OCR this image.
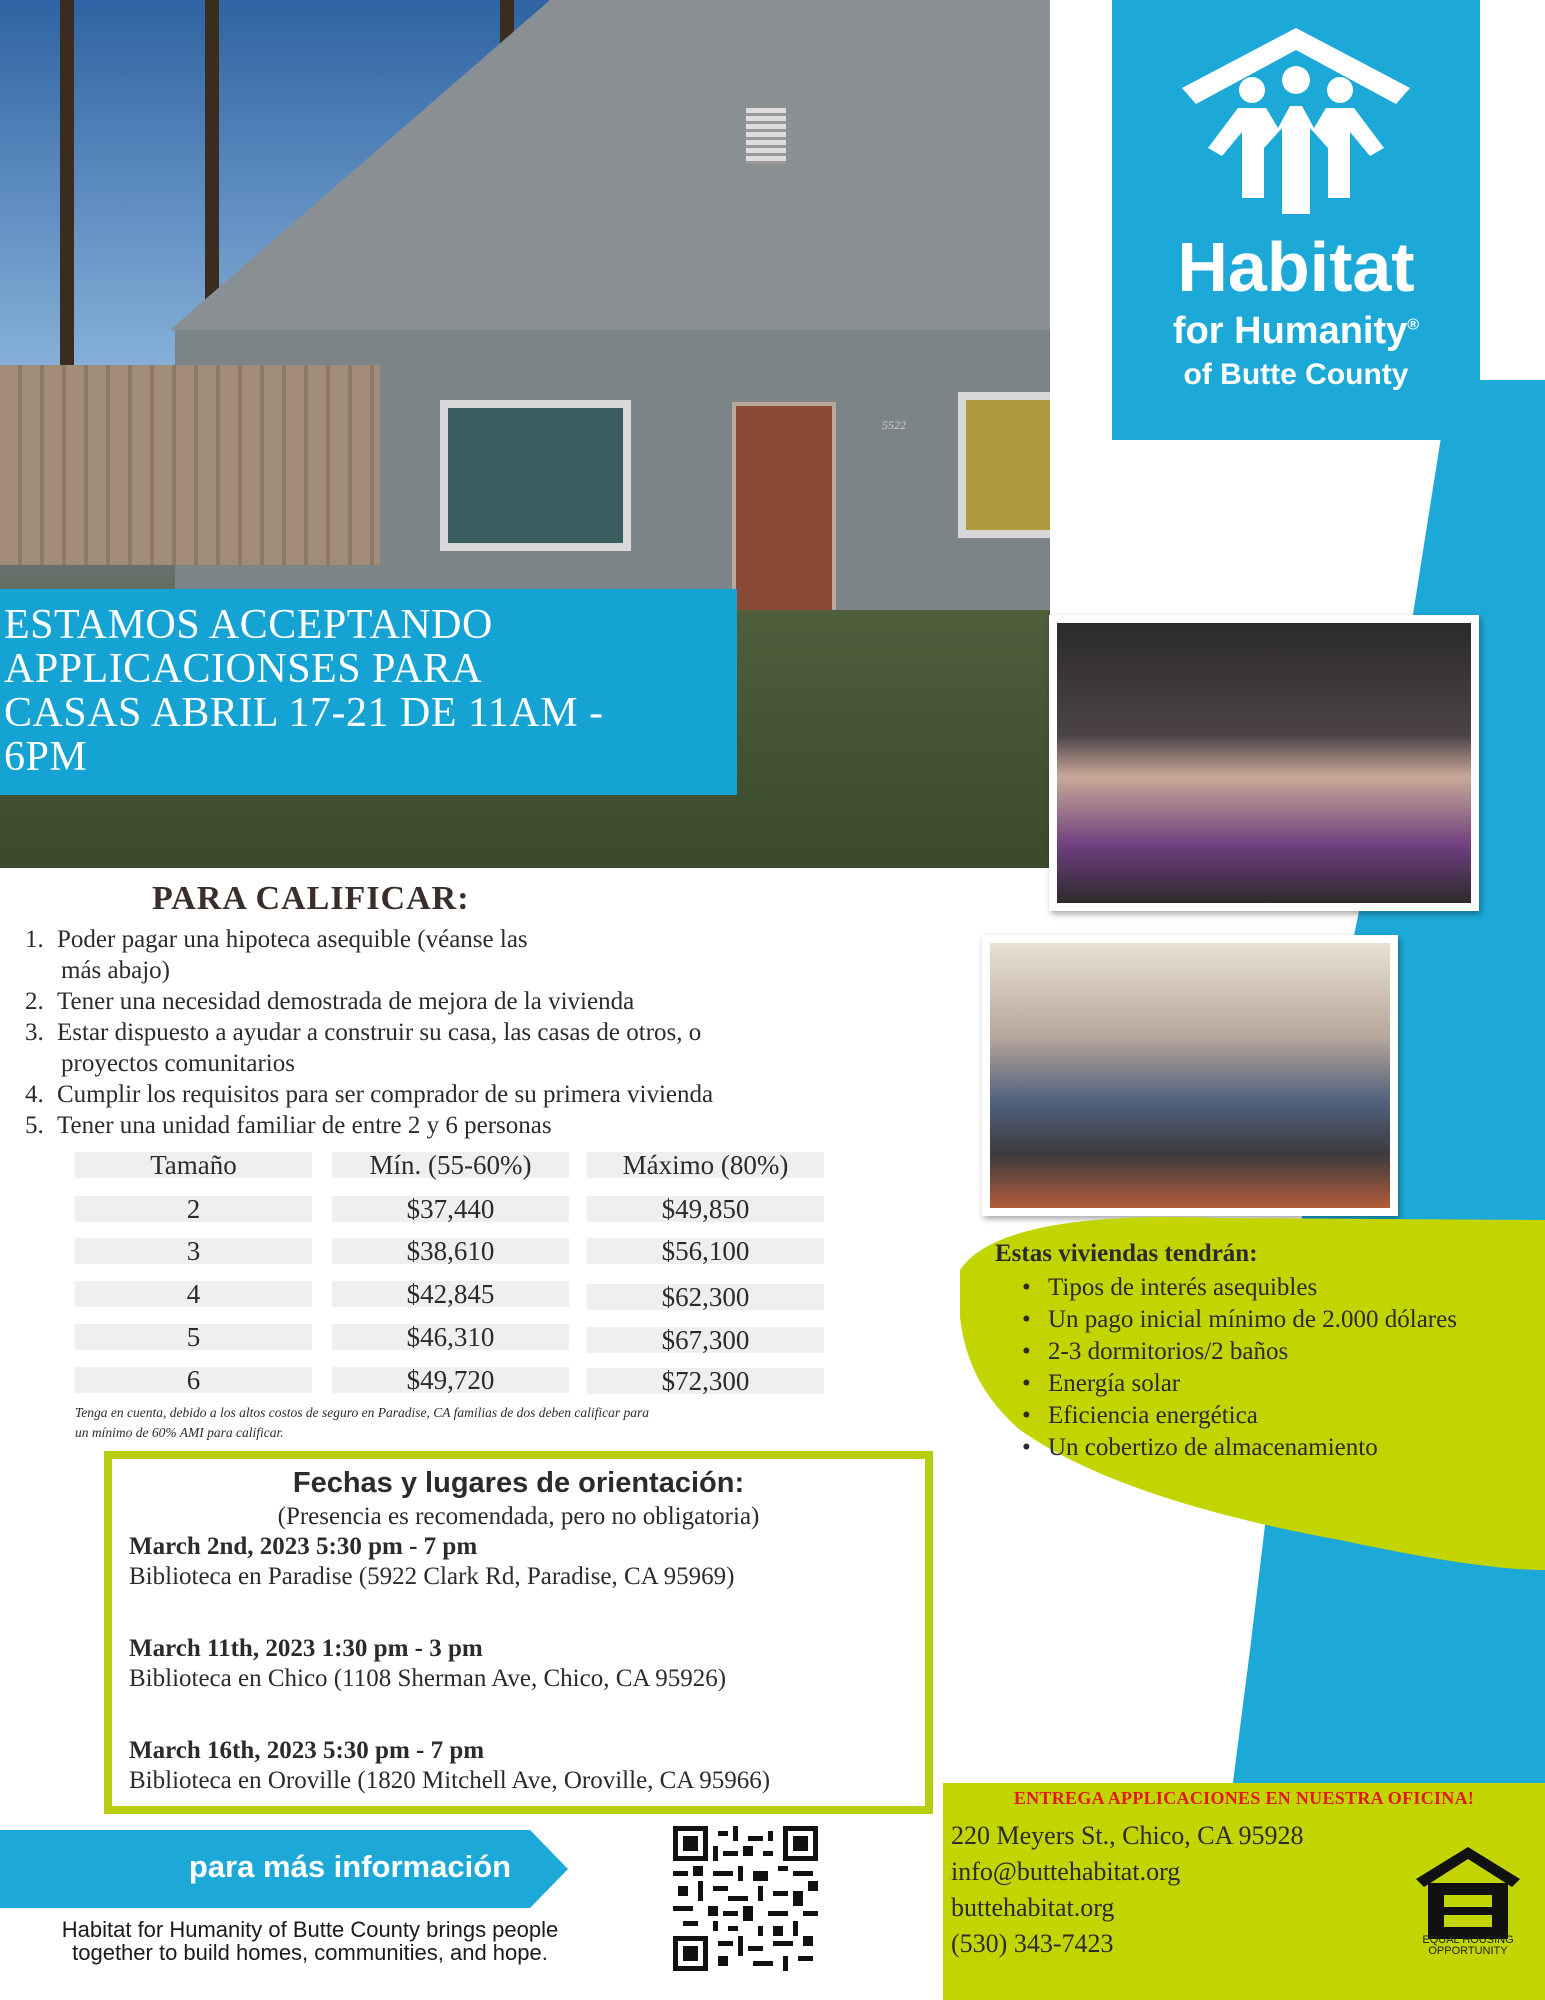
5522
Habitat
for Humanity®
of Butte County
ESTAMOS ACCEPTANDO
APPLICACIONSES PARA
CASAS ABRIL 17-21 DE 11AM -
6PM
PARA CALIFICAR:
1. Poder pagar una hipoteca asequible (véanse las
más abajo)
2. Tener una necesidad demostrada de mejora de la vivienda
3. Estar dispuesto a ayudar a construir su casa, las casas de otros, o
proyectos comunitarios
4. Cumplir los requisitos para ser comprador de su primera vivienda
5. Tener una unidad familiar de entre 2 y 6 personas
Tamaño	Mín. (55-60%)	Máximo (80%)
2	$37,440	$49,850
3	$38,610	$56,100
4	$42,845	$62,300
5	$46,310	$67,300
6	$49,720	$72,300
Tenga en cuenta, debido a los altos costos de seguro en Paradise, CA familias de dos deben calificar para
un mínimo de 60% AMI para calificar.
Fechas y lugares de orientación:
(Presencia es recomendada, pero no obligatoria)
March 2nd, 2023 5:30 pm - 7 pm
Biblioteca en Paradise (5922 Clark Rd, Paradise, CA 95969)
March 11th, 2023 1:30 pm - 3 pm
Biblioteca en Chico (1108 Sherman Ave, Chico, CA 95926)
March 16th, 2023 5:30 pm - 7 pm
Biblioteca en Oroville (1820 Mitchell Ave, Oroville, CA 95966)
Estas viviendas tendrán:
• Tipos de interés asequibles
• Un pago inicial mínimo de 2.000 dólares
• 2-3 dormitorios/2 baños
• Energía solar
• Eficiencia energética
• Un cobertizo de almacenamiento
ENTREGA APPLICACIONES EN NUESTRA OFICINA!
220 Meyers St., Chico, CA 95928
info@buttehabitat.org
buttehabitat.org
(530) 343-7423	EQUAL HOUSING
OPPORTUNITY
para más información
Habitat for Humanity of Butte County brings people
together to build homes, communities, and hope.
